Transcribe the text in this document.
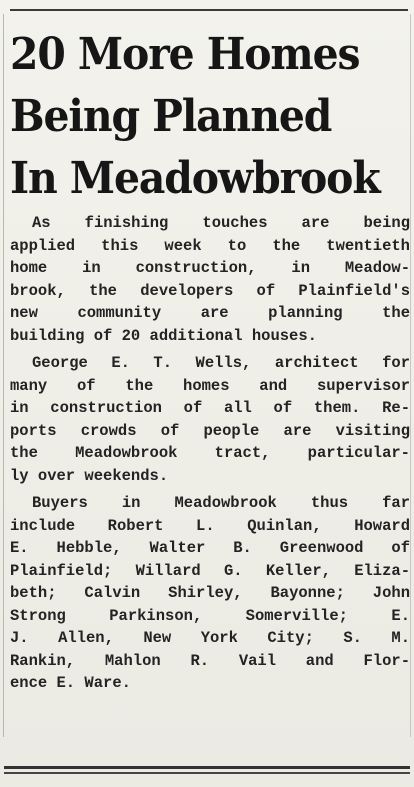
20 More Homes
Being Planned
In Meadowbrook

As finishing touches are being
applied this week to the twentieth
home in construction, in Meadow-
brook, the developers of Plainfield's
new community are planning the
building of 20 additional houses.

George E. T. Wells, architect for
many of the homes and supervisor
in construction of all of them. Re-
ports crowds of people are visiting
the Meadowbrook tract, particular-
ly over weekends.

Buyers in Meadowbrook thus far
include Robert L. Quinlan, Howard
E. Hebble, Walter B. Greenwood of
Plainfield; Willard G. Keller, Eliza-
beth; Calvin Shirley, Bayonne; John
Strong Parkinson, Somerville; E.
J. Allen, New York City; S. M.
Rankin, Mahlon R. Vail and Flor-
ence E. Ware.
